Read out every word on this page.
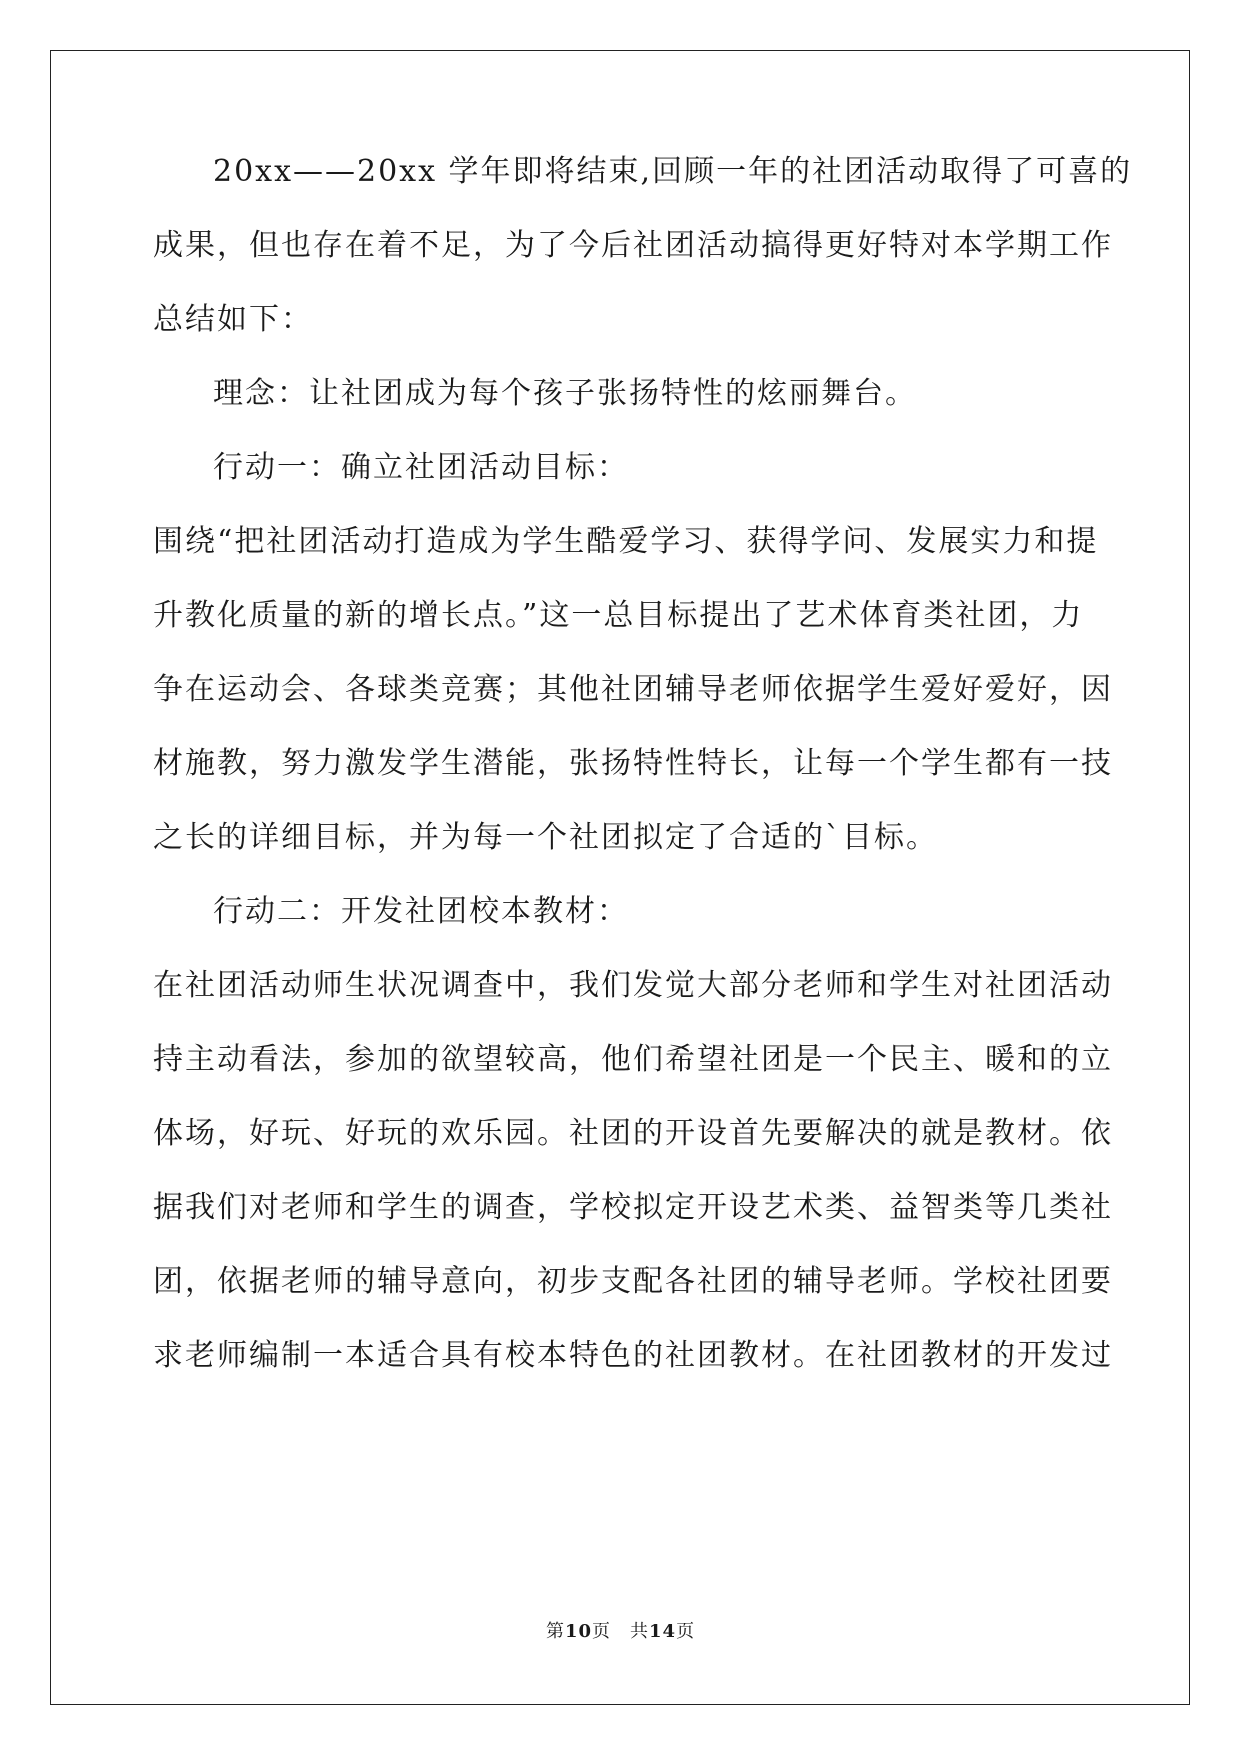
20xx——20xx 学年即将结束,回顾一年的社团活动取得了可喜的
成果，但也存在着不足，为了今后社团活动搞得更好特对本学期工作
总结如下：
理念：让社团成为每个孩子张扬特性的炫丽舞台。
行动一：确立社团活动目标：
围绕“把社团活动打造成为学生酷爱学习、获得学问、发展实力和提
升教化质量的新的增长点。”这一总目标提出了艺术体育类社团，力
争在运动会、各球类竞赛；其他社团辅导老师依据学生爱好爱好，因
材施教，努力激发学生潜能，张扬特性特长，让每一个学生都有一技
之长的详细目标，并为每一个社团拟定了合适的`目标。
行动二：开发社团校本教材：
在社团活动师生状况调查中，我们发觉大部分老师和学生对社团活动
持主动看法，参加的欲望较高，他们希望社团是一个民主、暖和的立
体场，好玩、好玩的欢乐园。社团的开设首先要解决的就是教材。依
据我们对老师和学生的调查，学校拟定开设艺术类、益智类等几类社
团，依据老师的辅导意向，初步支配各社团的辅导老师。学校社团要
求老师编制一本适合具有校本特色的社团教材。在社团教材的开发过
第10页　共14页
